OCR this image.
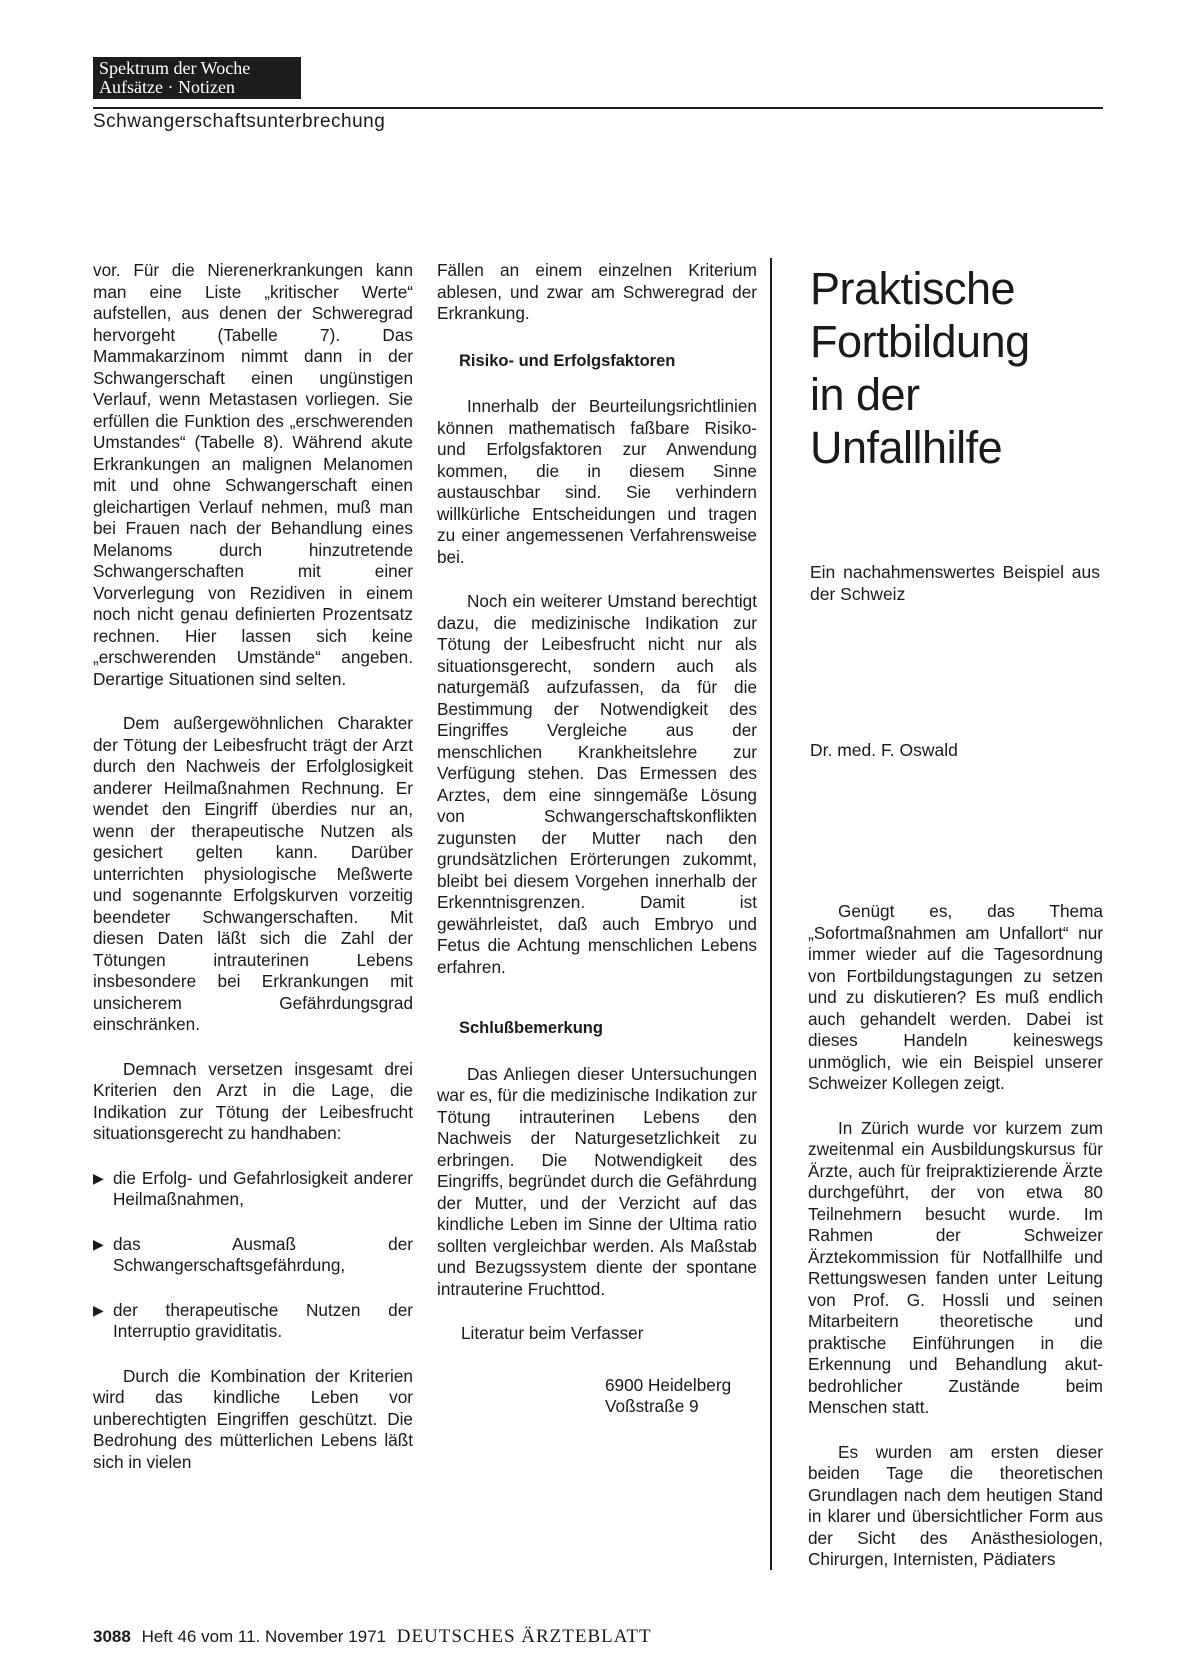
Spektrum der Woche
Aufsätze · Notizen
Schwangerschaftsunterbrechung

vor. Für die Nierenerkrankungen kann man eine Liste „kritischer Werte“ aufstellen, aus denen der Schweregrad hervorgeht (Tabelle 7). Das Mammakarzinom nimmt dann in der Schwangerschaft einen ungünstigen Verlauf, wenn Metastasen vorliegen. Sie erfüllen die Funktion des „erschwerenden Umstandes“ (Tabelle 8). Während akute Erkrankungen an malignen Melanomen mit und ohne Schwangerschaft einen gleichartigen Verlauf nehmen, muß man bei Frauen nach der Behandlung eines Melanoms durch hinzutretende Schwangerschaften mit einer Vorverlegung von Rezidiven in einem noch nicht genau definierten Prozentsatz rechnen. Hier lassen sich keine „erschwerenden Umstände“ angeben. Derartige Situationen sind selten.

Dem außergewöhnlichen Charakter der Tötung der Leibesfrucht trägt der Arzt durch den Nachweis der Erfolglosigkeit anderer Heilmaßnahmen Rechnung. Er wendet den Eingriff überdies nur an, wenn der therapeutische Nutzen als gesichert gelten kann. Darüber unterrichten physiologische Meßwerte und sogenannte Erfolgskurven vorzeitig beendeter Schwangerschaften. Mit diesen Daten läßt sich die Zahl der Tötungen intrauterinen Lebens insbesondere bei Erkrankungen mit unsicherem Gefährdungsgrad einschränken.

Demnach versetzen insgesamt drei Kriterien den Arzt in die Lage, die Indikation zur Tötung der Leibesfrucht situationsgerecht zu handhaben:

▶ die Erfolg- und Gefahrlosigkeit anderer Heilmaßnahmen,
▶ das Ausmaß der Schwangerschaftsgefährdung,
▶ der therapeutische Nutzen der Interruptio graviditatis.

Durch die Kombination der Kriterien wird das kindliche Leben vor unberechtigten Eingriffen geschützt. Die Bedrohung des mütterlichen Lebens läßt sich in vielen

Fällen an einem einzelnen Kriterium ablesen, und zwar am Schweregrad der Erkrankung.

Risiko- und Erfolgsfaktoren

Innerhalb der Beurteilungsrichtlinien können mathematisch faßbare Risiko- und Erfolgsfaktoren zur Anwendung kommen, die in diesem Sinne austauschbar sind. Sie verhindern willkürliche Entscheidungen und tragen zu einer angemessenen Verfahrensweise bei.

Noch ein weiterer Umstand berechtigt dazu, die medizinische Indikation zur Tötung der Leibesfrucht nicht nur als situationsgerecht, sondern auch als naturgemäß aufzufassen, da für die Bestimmung der Notwendigkeit des Eingriffes Vergleiche aus der menschlichen Krankheitslehre zur Verfügung stehen. Das Ermessen des Arztes, dem eine sinngemäße Lösung von Schwangerschaftskonflikten zugunsten der Mutter nach den grundsätzlichen Erörterungen zukommt, bleibt bei diesem Vorgehen innerhalb der Erkenntnisgrenzen. Damit ist gewährleistet, daß auch Embryo und Fetus die Achtung menschlichen Lebens erfahren.

Schlußbemerkung

Das Anliegen dieser Untersuchungen war es, für die medizinische Indikation zur Tötung intrauterinen Lebens den Nachweis der Naturgesetzlichkeit zu erbringen. Die Notwendigkeit des Eingriffs, begründet durch die Gefährdung der Mutter, und der Verzicht auf das kindliche Leben im Sinne der Ultima ratio sollten vergleichbar werden. Als Maßstab und Bezugssystem diente der spontane intrauterine Fruchttod.

Literatur beim Verfasser

6900 Heidelberg
Voßstraße 9
Praktische
Fortbildung
in der
Unfallhilfe
Ein nachahmenswertes Beispiel aus der Schweiz
Dr. med. F. Oswald

Genügt es, das Thema „Sofortmaßnahmen am Unfallort“ nur immer wieder auf die Tagesordnung von Fortbildungstagungen zu setzen und zu diskutieren? Es muß endlich auch gehandelt werden. Dabei ist dieses Handeln keineswegs unmöglich, wie ein Beispiel unserer Schweizer Kollegen zeigt.

In Zürich wurde vor kurzem zum zweitenmal ein Ausbildungskursus für Ärzte, auch für freipraktizierende Ärzte durchgeführt, der von etwa 80 Teilnehmern besucht wurde. Im Rahmen der Schweizer Ärztekommission für Notfallhilfe und Rettungswesen fanden unter Leitung von Prof. G. Hossli und seinen Mitarbeitern theoretische und praktische Einführungen in die Erkennung und Behandlung akut-bedrohlicher Zustände beim Menschen statt.

Es wurden am ersten dieser beiden Tage die theoretischen Grundlagen nach dem heutigen Stand in klarer und übersichtlicher Form aus der Sicht des Anästhesiologen, Chirurgen, Internisten, Pädiaters

3088 Heft 46 vom 11. November 1971 DEUTSCHES ÄRZTEBLATT
